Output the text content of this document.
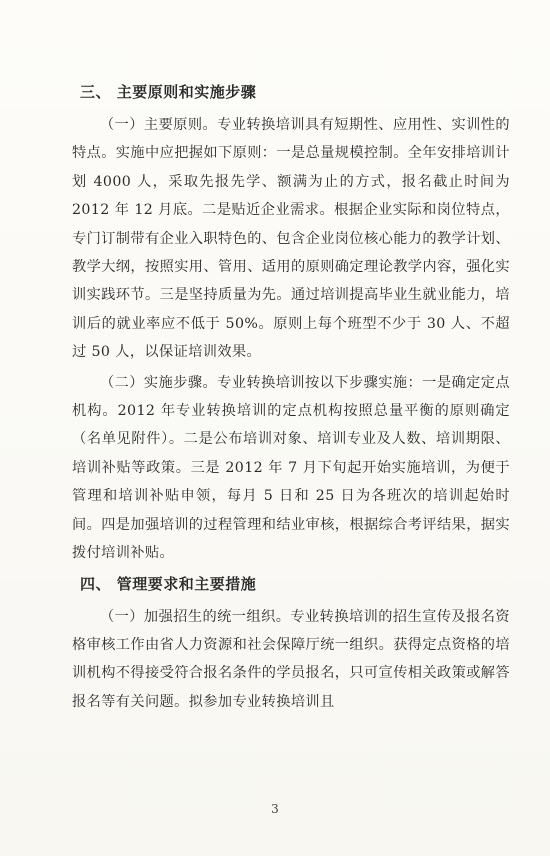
三、 主要原则和实施步骤

（一）主要原则。专业转换培训具有短期性、应用性、实训性的特点。实施中应把握如下原则：一是总量规模控制。全年安排培训计划 4000 人，采取先报先学、额满为止的方式，报名截止时间为 2012 年 12 月底。二是贴近企业需求。根据企业实际和岗位特点，专门订制带有企业入职特色的、包含企业岗位核心能力的教学计划、教学大纲，按照实用、管用、适用的原则确定理论教学内容，强化实训实践环节。三是坚持质量为先。通过培训提高毕业生就业能力，培训后的就业率应不低于 50%。原则上每个班型不少于 30 人、不超过 50 人，以保证培训效果。

（二）实施步骤。专业转换培训按以下步骤实施：一是确定定点机构。2012 年专业转换培训的定点机构按照总量平衡的原则确定（名单见附件）。二是公布培训对象、培训专业及人数、培训期限、培训补贴等政策。三是 2012 年 7 月下旬起开始实施培训，为便于管理和培训补贴申领，每月 5 日和 25 日为各班次的培训起始时间。四是加强培训的过程管理和结业审核，根据综合考评结果，据实拨付培训补贴。

四、 管理要求和主要措施

（一）加强招生的统一组织。专业转换培训的招生宣传及报名资格审核工作由省人力资源和社会保障厅统一组织。获得定点资格的培训机构不得接受符合报名条件的学员报名，只可宣传相关政策或解答报名等有关问题。拟参加专业转换培训且

3
